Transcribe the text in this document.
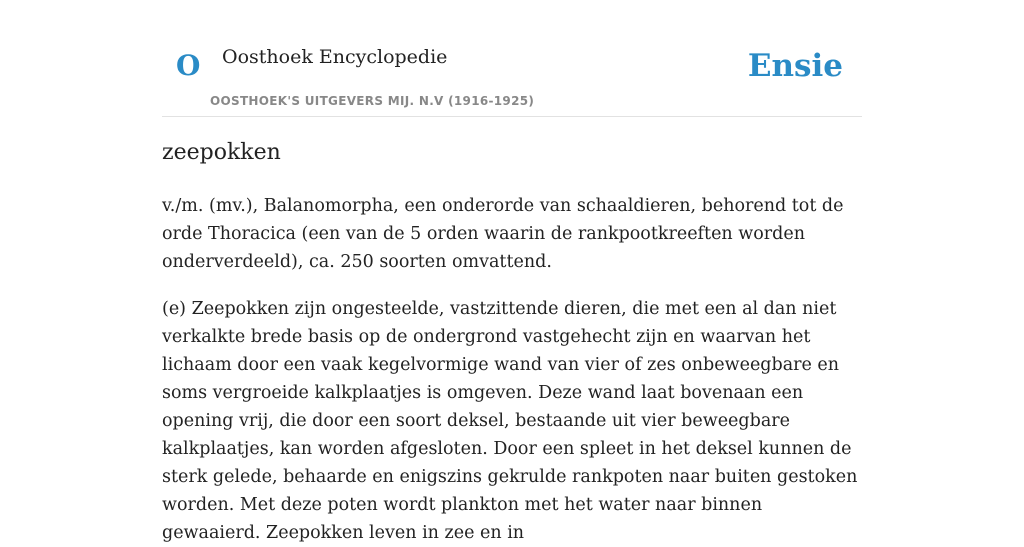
O Oosthoek Encyclopedie
OOSTHOEK'S UITGEVERS MIJ. N.V (1916-1925)
Ensie
zeepokken

v./m. (mv.), Balanomorpha, een onderorde van schaaldieren, behorend tot de orde Thoracica (een van de 5 orden waarin de rankpootkreeften worden onderverdeeld), ca. 250 soorten omvattend.

(e) Zeepokken zijn ongesteelde, vastzittende dieren, die met een al dan niet verkalkte brede basis op de ondergrond vastgehecht zijn en waarvan het lichaam door een vaak kegelvormige wand van vier of zes onbeweegbare en soms vergroeide kalkplaatjes is omgeven. Deze wand laat bovenaan een opening vrij, die door een soort deksel, bestaande uit vier beweegbare kalkplaatjes, kan worden afgesloten. Door een spleet in het deksel kunnen de sterk gelede, behaarde en enigszins gekrulde rankpoten naar buiten gestoken worden. Met deze poten wordt plankton met het water naar binnen gewaaierd. Zeepokken leven in zee en in
